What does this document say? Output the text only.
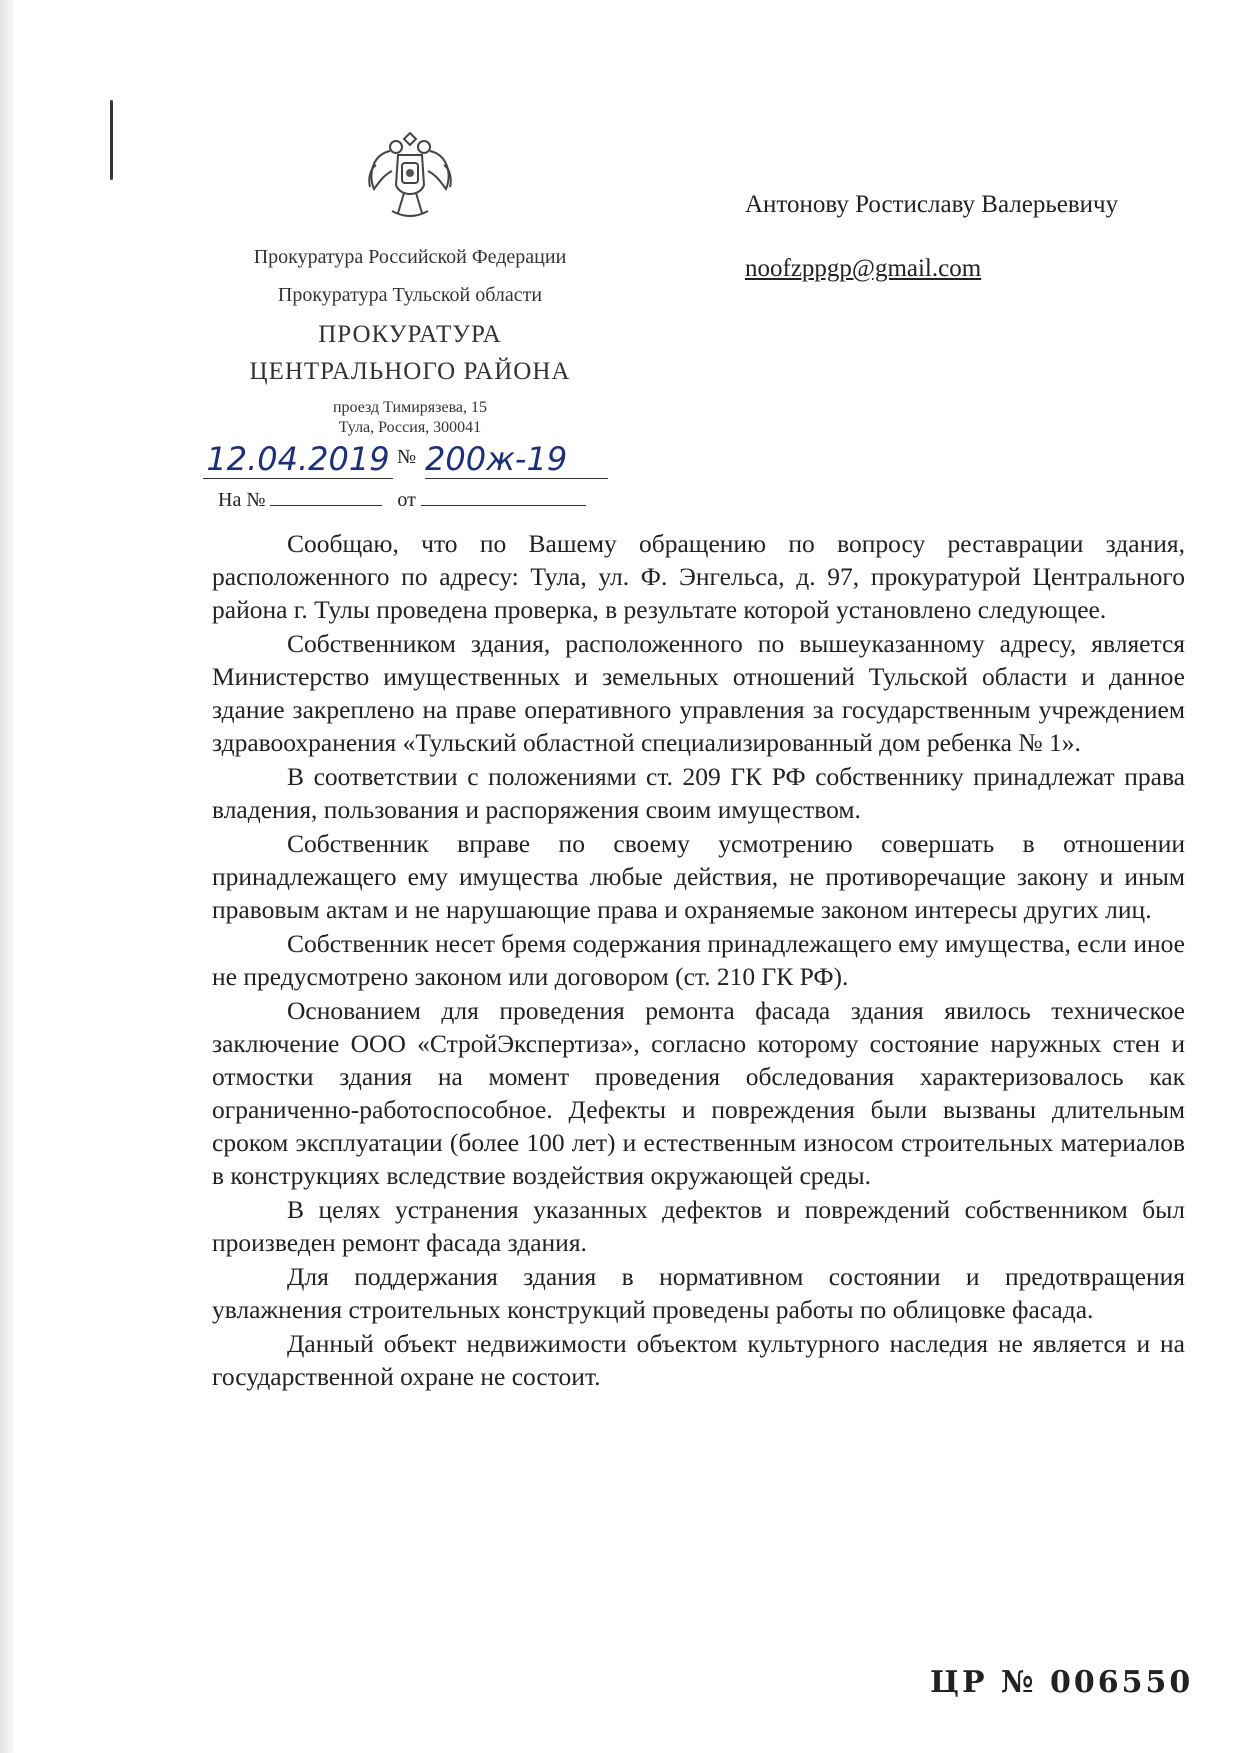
Прокуратура Российской Федерации
Прокуратура Тульской области
ПРОКУРАТУРА
ЦЕНТРАЛЬНОГО РАЙОНА
проезд Тимирязева, 15
Тула, Россия, 300041
12.04.2019 № 200ж-19
На №	от
Антонову Ростиславу Валерьевичу
noofzppgp@gmail.com

Сообщаю, что по Вашему обращению по вопросу реставрации здания, расположенного по адресу: Тула, ул. Ф. Энгельса, д. 97, прокуратурой Центрального района г. Тулы проведена проверка, в результате которой установлено следующее.

Собственником здания, расположенного по вышеуказанному адресу, является Министерство имущественных и земельных отношений Тульской области и данное здание закреплено на праве оперативного управления за государственным учреждением здравоохранения «Тульский областной специализированный дом ребенка № 1».

В соответствии с положениями ст. 209 ГК РФ собственнику принадлежат права владения, пользования и распоряжения своим имуществом.

Собственник вправе по своему усмотрению совершать в отношении принадлежащего ему имущества любые действия, не противоречащие закону и иным правовым актам и не нарушающие права и охраняемые законом интересы других лиц.

Собственник несет бремя содержания принадлежащего ему имущества, если иное не предусмотрено законом или договором (ст. 210 ГК РФ).

Основанием для проведения ремонта фасада здания явилось техническое заключение ООО «СтройЭкспертиза», согласно которому состояние наружных стен и отмостки здания на момент проведения обследования характеризовалось как ограниченно-работоспособное. Дефекты и повреждения были вызваны длительным сроком эксплуатации (более 100 лет) и естественным износом строительных материалов в конструкциях вследствие воздействия окружающей среды.

В целях устранения указанных дефектов и повреждений собственником был произведен ремонт фасада здания.

Для поддержания здания в нормативном состоянии и предотвращения увлажнения строительных конструкций проведены работы по облицовке фасада.

Данный объект недвижимости объектом культурного наследия не является и на государственной охране не состоит.

ЦР № 006550
